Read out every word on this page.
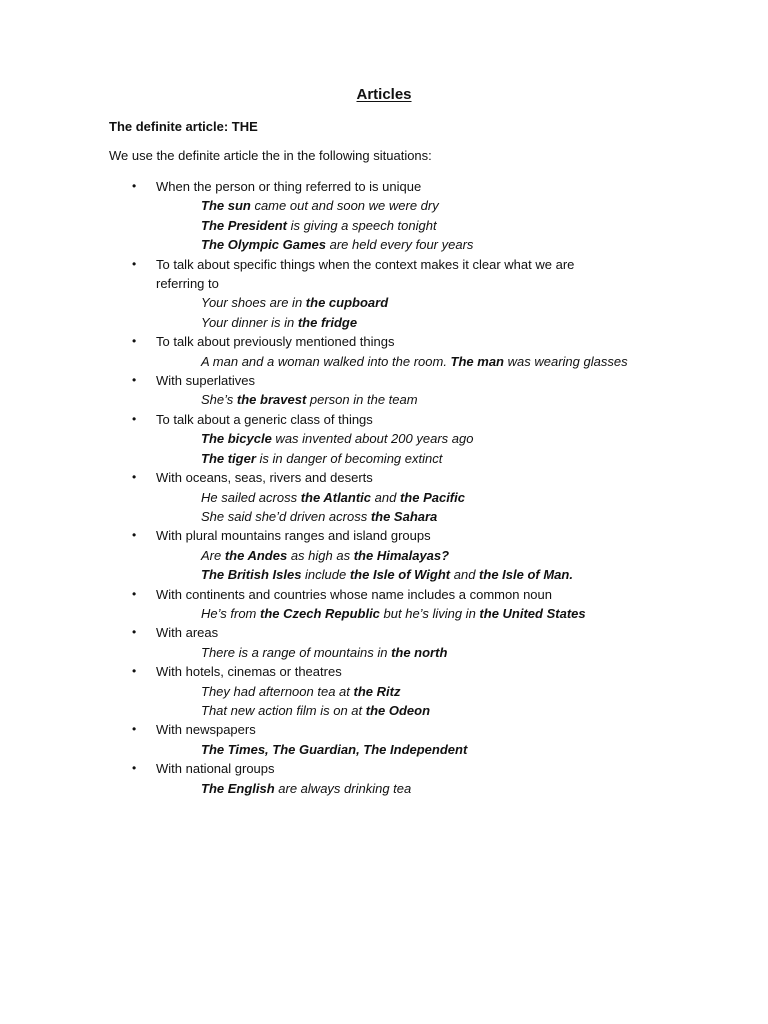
Articles
The definite article: THE
We use the definite article the in the following situations:
• When the person or thing referred to is unique
The sun came out and soon we were dry
The President is giving a speech tonight
The Olympic Games are held every four years
• To talk about specific things when the context makes it clear what we are referring to
Your shoes are in the cupboard
Your dinner is in the fridge
• To talk about previously mentioned things
A man and a woman walked into the room. The man was wearing glasses
• With superlatives
She’s the bravest person in the team
• To talk about a generic class of things
The bicycle was invented about 200 years ago
The tiger is in danger of becoming extinct
• With oceans, seas, rivers and deserts
He sailed across the Atlantic and the Pacific
She said she’d driven across the Sahara
• With plural mountains ranges and island groups
Are the Andes as high as the Himalayas?
The British Isles include the Isle of Wight and the Isle of Man.
• With continents and countries whose name includes a common noun
He’s from the Czech Republic but he’s living in the United States
• With areas
There is a range of mountains in the north
• With hotels, cinemas or theatres
They had afternoon tea at the Ritz
That new action film is on at the Odeon
• With newspapers
The Times, The Guardian, The Independent
• With national groups
The English are always drinking tea
